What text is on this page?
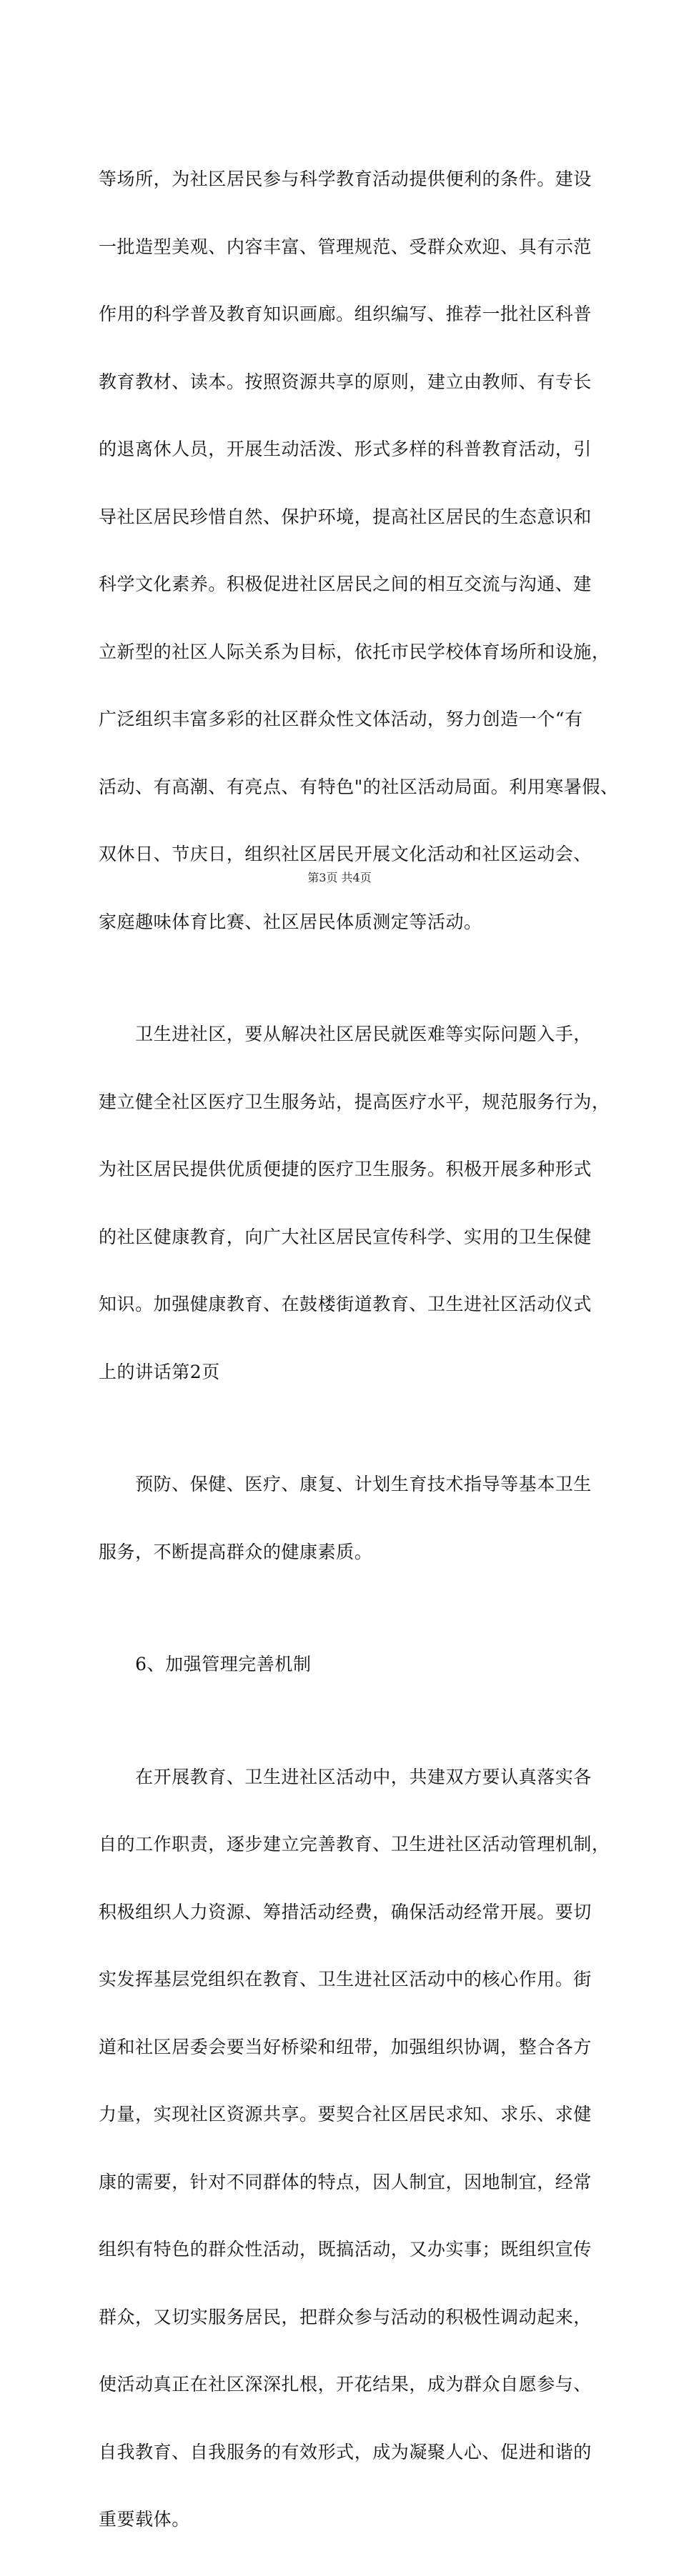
等场所，为社区居民参与科学教育活动提供便利的条件。建设

一批造型美观、内容丰富、管理规范、受群众欢迎、具有示范

作用的科学普及教育知识画廊。组织编写、推荐一批社区科普

教育教材、读本。按照资源共享的原则，建立由教师、有专长

的退离休人员，开展生动活泼、形式多样的科普教育活动，引

导社区居民珍惜自然、保护环境，提高社区居民的生态意识和

科学文化素养。积极促进社区居民之间的相互交流与沟通、建

立新型的社区人际关系为目标，依托市民学校体育场所和设施，

广泛组织丰富多彩的社区群众性文体活动，努力创造一个“有

活动、有高潮、有亮点、有特色"的社区活动局面。利用寒暑假、

双休日、节庆日，组织社区居民开展文化活动和社区运动会、

家庭趣味体育比赛、社区居民体质测定等活动。

　　卫生进社区，要从解决社区居民就医难等实际问题入手，

建立健全社区医疗卫生服务站，提高医疗水平，规范服务行为，

为社区居民提供优质便捷的医疗卫生服务。积极开展多种形式

的社区健康教育，向广大社区居民宣传科学、实用的卫生保健

知识。加强健康教育、在鼓楼街道教育、卫生进社区活动仪式

上的讲话第2页

　　预防、保健、医疗、康复、计划生育技术指导等基本卫生

服务，不断提高群众的健康素质。

　　6、加强管理完善机制

　　在开展教育、卫生进社区活动中，共建双方要认真落实各

自的工作职责，逐步建立完善教育、卫生进社区活动管理机制，

积极组织人力资源、筹措活动经费，确保活动经常开展。要切

实发挥基层党组织在教育、卫生进社区活动中的核心作用。街

道和社区居委会要当好桥梁和纽带，加强组织协调，整合各方

力量，实现社区资源共享。要契合社区居民求知、求乐、求健

康的需要，针对不同群体的特点，因人制宜，因地制宜，经常

组织有特色的群众性活动，既搞活动，又办实事；既组织宣传

群众，又切实服务居民，把群众参与活动的积极性调动起来，

使活动真正在社区深深扎根，开花结果，成为群众自愿参与、

自我教育、自我服务的有效形式，成为凝聚人心、促进和谐的

重要载体。

第3页 共4页
